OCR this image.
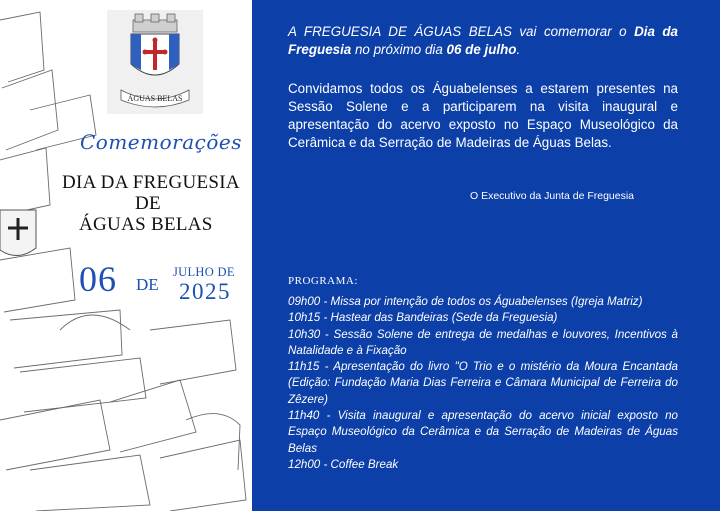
ÁGUAS BELAS
Comemorações
DIA DA FREGUESIA
DE
ÁGUAS BELAS
06 DE
JULHO DE
2025

A FREGUESIA DE ÁGUAS BELAS vai comemorar o Dia da Freguesia no próximo dia 06 de julho.

Convidamos todos os Águabelenses a estarem presentes na Sessão Solene e a participarem na visita inaugural e apresentação do acervo exposto no Espaço Museológico da Cerâmica e da Serração de Madeiras de Águas Belas.

O Executivo da Junta de Freguesia
PROGRAMA:
09h00 - Missa por intenção de todos os Águabelenses (Igreja Matriz)
10h15 - Hastear das Bandeiras (Sede da Freguesia)
10h30 - Sessão Solene de entrega de medalhas e louvores, Incentivos à Natalidade e à Fixação
11h15 - Apresentação do livro "O Trio e o mistério da Moura Encantada (Edição: Fundação Maria Dias Ferreira e Câmara Municipal de Ferreira do Zêzere)
11h40 - Visita inaugural e apresentação do acervo inicial exposto no Espaço Museológico da Cerâmica e da Serração de Madeiras de Águas Belas
12h00 - Coffee Break
